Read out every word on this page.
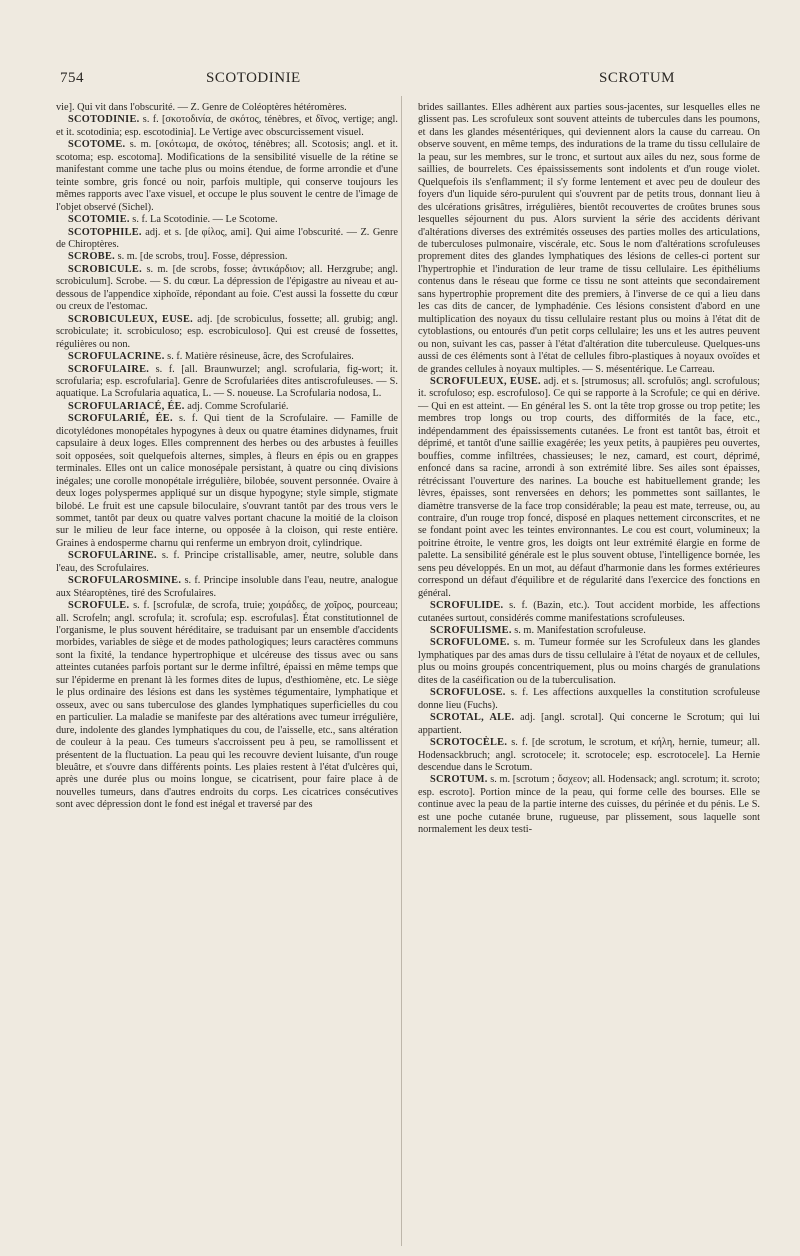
754	SCOTODINIE	SCROTUM

vie]. Qui vit dans l'obscurité. — Z. Genre de Coléoptères hétéromères.

SCOTODINIE. s. f. [σκοτοδινία, de σκότος, ténèbres, et δῖνος, vertige; angl. et it. scotodinia; esp. escotodinia]. Le Vertige avec obscurcissement visuel.

SCOTOME. s. m. [σκότωμα, de σκότος, ténèbres; all. Scotosis; angl. et it. scotoma; esp. escotoma]. Modifications de la sensibilité visuelle de la rétine se manifestant comme une tache plus ou moins étendue, de forme arrondie et d'une teinte sombre, gris foncé ou noir, parfois multiple, qui conserve toujours les mêmes rapports avec l'axe visuel, et occupe le plus souvent le centre de l'image de l'objet observé (Sichel).

SCOTOMIE. s. f. La Scotodinie. — Le Scotome.

SCOTOPHILE. adj. et s. [de φίλος, ami]. Qui aime l'obscurité. — Z. Genre de Chiroptères.

SCROBE. s. m. [de scrobs, trou]. Fosse, dépression.

SCROBICULE. s. m. [de scrobs, fosse; ἀντικάρδιον; all. Herzgrube; angl. scrobiculum]. Scrobe. — S. du cœur. La dépression de l'épigastre au niveau et au-dessous de l'appendice xiphoïde, répondant au foie. C'est aussi la fossette du cœur ou creux de l'estomac.

SCROBICULEUX, EUSE. adj. [de scrobiculus, fossette; all. grubig; angl. scrobiculate; it. scrobiculoso; esp. escrobiculoso]. Qui est creusé de fossettes, régulières ou non.

SCROFULACRINE. s. f. Matière résineuse, âcre, des Scrofulaires.

SCROFULAIRE. s. f. [all. Braunwurzel; angl. scrofularia, fig-wort; it. scrofularia; esp. escrofularia]. Genre de Scrofulariées dites antiscrofuleuses. — S. aquatique. La Scrofularia aquatica, L. — S. noueuse. La Scrofularia nodosa, L.

SCROFULARIACÉ, ÉE. adj. Comme Scrofularié.

SCROFULARIÉ, ÉE. s. f. Qui tient de la Scrofulaire. — Famille de dicotylédones monopétales hypogynes à deux ou quatre étamines didynames, fruit capsulaire à deux loges. Elles comprennent des herbes ou des arbustes à feuilles soit opposées, soit quelquefois alternes, simples, à fleurs en épis ou en grappes terminales. Elles ont un calice monosépale persistant, à quatre ou cinq divisions inégales; une corolle monopétale irrégulière, bilobée, souvent personnée. Ovaire à deux loges polyspermes appliqué sur un disque hypogyne; style simple, stigmate bilobé. Le fruit est une capsule biloculaire, s'ouvrant tantôt par des trous vers le sommet, tantôt par deux ou quatre valves portant chacune la moitié de la cloison sur le milieu de leur face interne, ou opposée à la cloison, qui reste entière. Graines à endosperme charnu qui renferme un embryon droit, cylindrique.

SCROFULARINE. s. f. Principe cristallisable, amer, neutre, soluble dans l'eau, des Scrofulaires.

SCROFULAROSMINE. s. f. Principe insoluble dans l'eau, neutre, analogue aux Stéaroptènes, tiré des Scrofulaires.

SCROFULE. s. f. [scrofulæ, de scrofa, truie; χοιράδες, de χοῖρος, pourceau; all. Scrofeln; angl. scrofula; it. scrofula; esp. escrofulas]. État constitutionnel de l'organisme, le plus souvent héréditaire, se traduisant par un ensemble d'accidents morbides, variables de siège et de modes pathologiques; leurs caractères communs sont la fixité, la tendance hypertrophique et ulcéreuse des tissus avec ou sans atteintes cutanées parfois portant sur le derme infiltré, épaissi en même temps que sur l'épiderme en prenant là les formes dites de lupus, d'esthiomène, etc. Le siège le plus ordinaire des lésions est dans les systèmes tégumentaire, lymphatique et osseux, avec ou sans tuberculose des glandes lymphatiques superficielles du cou en particulier. La maladie se manifeste par des altérations avec tumeur irrégulière, dure, indolente des glandes lymphatiques du cou, de l'aisselle, etc., sans altération de couleur à la peau. Ces tumeurs s'accroissent peu à peu, se ramollissent et présentent de la fluctuation. La peau qui les recouvre devient luisante, d'un rouge bleuâtre, et s'ouvre dans différents points. Les plaies restent à l'état d'ulcères qui, après une durée plus ou moins longue, se cicatrisent, pour faire place à de nouvelles tumeurs, dans d'autres endroits du corps. Les cicatrices consécutives sont avec dépression dont le fond est inégal et traversé par des

brides saillantes. Elles adhèrent aux parties sous-jacentes, sur lesquelles elles ne glissent pas. Les scrofuleux sont souvent atteints de tubercules dans les poumons, et dans les glandes mésentériques, qui deviennent alors la cause du carreau. On observe souvent, en même temps, des indurations de la trame du tissu cellulaire de la peau, sur les membres, sur le tronc, et surtout aux ailes du nez, sous forme de saillies, de bourrelets. Ces épaississements sont indolents et d'un rouge violet. Quelquefois ils s'enflamment; il s'y forme lentement et avec peu de douleur des foyers d'un liquide séro-purulent qui s'ouvrent par de petits trous, donnant lieu à des ulcérations grisâtres, irrégulières, bientôt recouvertes de croûtes brunes sous lesquelles séjournent du pus. Alors survient la série des accidents dérivant d'altérations diverses des extrémités osseuses des parties molles des articulations, de tuberculoses pulmonaire, viscérale, etc. Sous le nom d'altérations scrofuleuses proprement dites des glandes lymphatiques des lésions de celles-ci portent sur l'hypertrophie et l'induration de leur trame de tissu cellulaire. Les épithéliums contenus dans le réseau que forme ce tissu ne sont atteints que secondairement sans hypertrophie proprement dite des premiers, à l'inverse de ce qui a lieu dans les cas dits de cancer, de lymphadénie. Ces lésions consistent d'abord en une multiplication des noyaux du tissu cellulaire restant plus ou moins à l'état dit de cytoblastions, ou entourés d'un petit corps cellulaire; les uns et les autres peuvent ou non, suivant les cas, passer à l'état d'altération dite tuberculeuse. Quelques-uns aussi de ces éléments sont à l'état de cellules fibro-plastiques à noyaux ovoïdes et de grandes cellules à noyaux multiples. — S. mésentérique. Le Carreau.

SCROFULEUX, EUSE. adj. et s. [strumosus; all. scrofulös; angl. scrofulous; it. scrofuloso; esp. escrofuloso]. Ce qui se rapporte à la Scrofule; ce qui en dérive. — Qui en est atteint. — En général les S. ont la tête trop grosse ou trop petite; les membres trop longs ou trop courts, des difformités de la face, etc., indépendamment des épaississements cutanées. Le front est tantôt bas, étroit et déprimé, et tantôt d'une saillie exagérée; les yeux petits, à paupières peu ouvertes, bouffies, comme infiltrées, chassieuses; le nez, camard, est court, déprimé, enfoncé dans sa racine, arrondi à son extrémité libre. Ses ailes sont épaisses, rétrécissant l'ouverture des narines. La bouche est habituellement grande; les lèvres, épaisses, sont renversées en dehors; les pommettes sont saillantes, le diamètre transverse de la face trop considérable; la peau est mate, terreuse, ou, au contraire, d'un rouge trop foncé, disposé en plaques nettement circonscrites, et ne se fondant point avec les teintes environnantes. Le cou est court, volumineux; la poitrine étroite, le ventre gros, les doigts ont leur extrémité élargie en forme de palette. La sensibilité générale est le plus souvent obtuse, l'intelligence bornée, les sens peu développés. En un mot, au défaut d'harmonie dans les formes extérieures correspond un défaut d'équilibre et de régularité dans l'exercice des fonctions en général.

SCROFULIDE. s. f. (Bazin, etc.). Tout accident morbide, les affections cutanées surtout, considérés comme manifestations scrofuleuses.

SCROFULISME. s. m. Manifestation scrofuleuse.

SCROFULOME. s. m. Tumeur formée sur les Scrofuleux dans les glandes lymphatiques par des amas durs de tissu cellulaire à l'état de noyaux et de cellules, plus ou moins groupés concentriquement, plus ou moins chargés de granulations dites de la caséification ou de la tuberculisation.

SCROFULOSE. s. f. Les affections auxquelles la constitution scrofuleuse donne lieu (Fuchs).

SCROTAL, ALE. adj. [angl. scrotal]. Qui concerne le Scrotum; qui lui appartient.

SCROTOCÈLE. s. f. [de scrotum, le scrotum, et κήλη, hernie, tumeur; all. Hodensackbruch; angl. scrotocele; it. scrotocele; esp. escrotocele]. La Hernie descendue dans le Scrotum.

SCROTUM. s. m. [scrotum ; ὄσχεον; all. Hodensack; angl. scrotum; it. scroto; esp. escroto]. Portion mince de la peau, qui forme celle des bourses. Elle se continue avec la peau de la partie interne des cuisses, du périnée et du pénis. Le S. est une poche cutanée brune, rugueuse, par plissement, sous laquelle sont normalement les deux testi-
